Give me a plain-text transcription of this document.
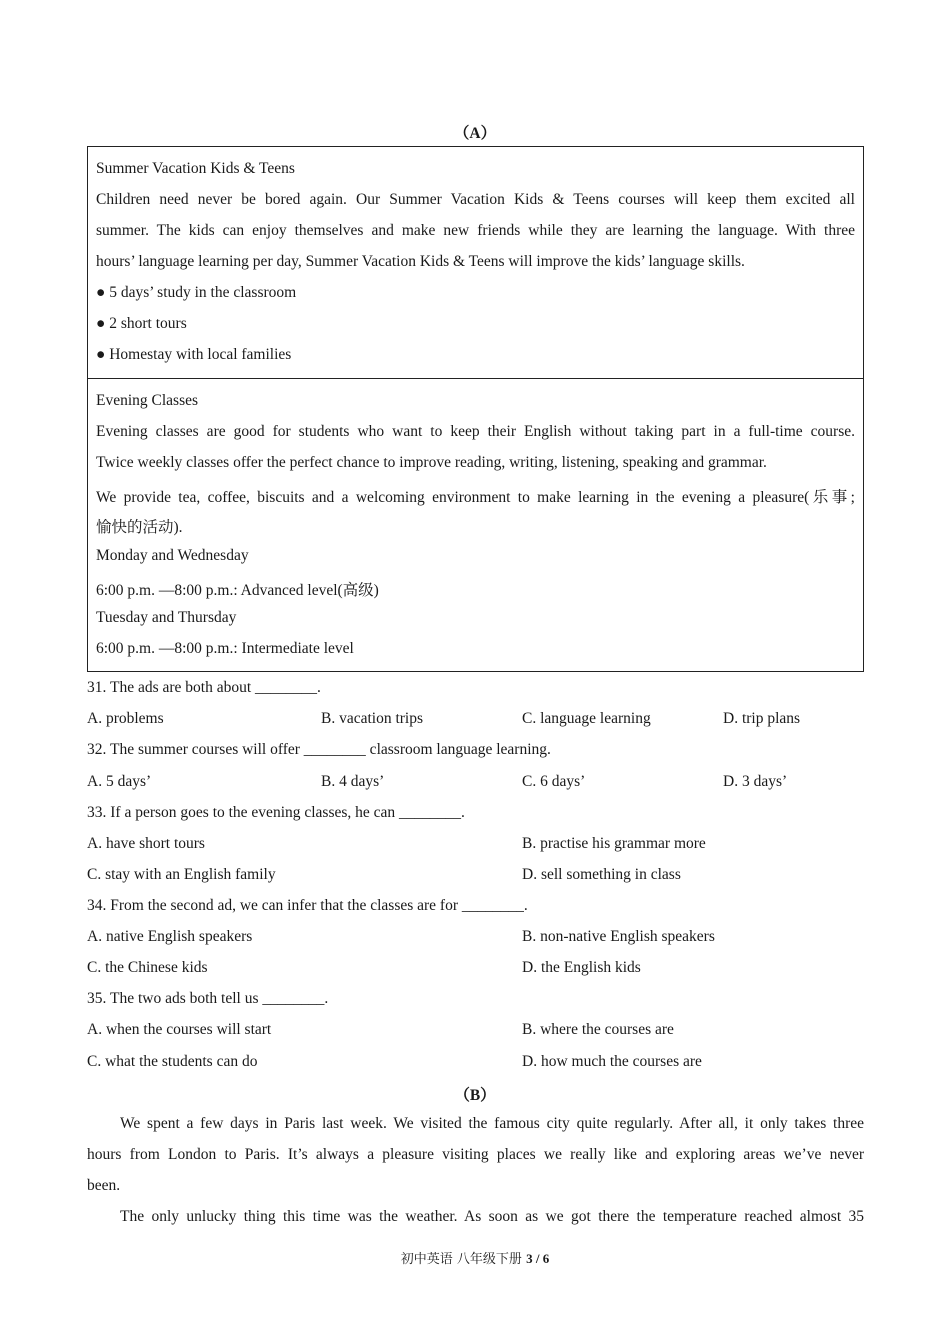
（A）
Summer Vacation Kids & Teens
Children need never be bored again. Our Summer Vacation Kids & Teens courses will keep them excited all
summer. The kids can enjoy themselves and make new friends while they are learning the language. With three
hours’ language learning per day, Summer Vacation Kids & Teens will improve the kids’ language skills.
● 5 days’ study in the classroom
● 2 short tours
● Homestay with local families
Evening Classes
Evening classes are good for students who want to keep their English without taking part in a full-time course.
Twice weekly classes offer the perfect chance to improve reading, writing, listening, speaking and grammar.
We provide tea, coffee, biscuits and a welcoming environment to make learning in the evening a pleasure(乐事;
愉快的活动).
Monday and Wednesday
6:00 p.m. —8:00 p.m.: Advanced level(高级)
Tuesday and Thursday
6:00 p.m. —8:00 p.m.: Intermediate level
31. The ads are both about ________.
A. problems	B. vacation trips	C. language learning	D. trip plans
32. The summer courses will offer ________ classroom language learning.
A. 5 days’	B. 4 days’	C. 6 days’	D. 3 days’
33. If a person goes to the evening classes, he can ________.
A. have short tours	B. practise his grammar more
C. stay with an English family	D. sell something in class
34. From the second ad, we can infer that the classes are for ________.
A. native English speakers	B. non-native English speakers
C. the Chinese kids	D. the English kids
35. The two ads both tell us ________.
A. when the courses will start	B. where the courses are
C. what the students can do	D. how much the courses are
（B）
We spent a few days in Paris last week. We visited the famous city quite regularly. After all, it only takes three
hours from London to Paris. It’s always a pleasure visiting places we really like and exploring areas we’ve never
been.
The only unlucky thing this time was the weather. As soon as we got there the temperature reached almost 35
初中英语 八年级下册 3 / 6
